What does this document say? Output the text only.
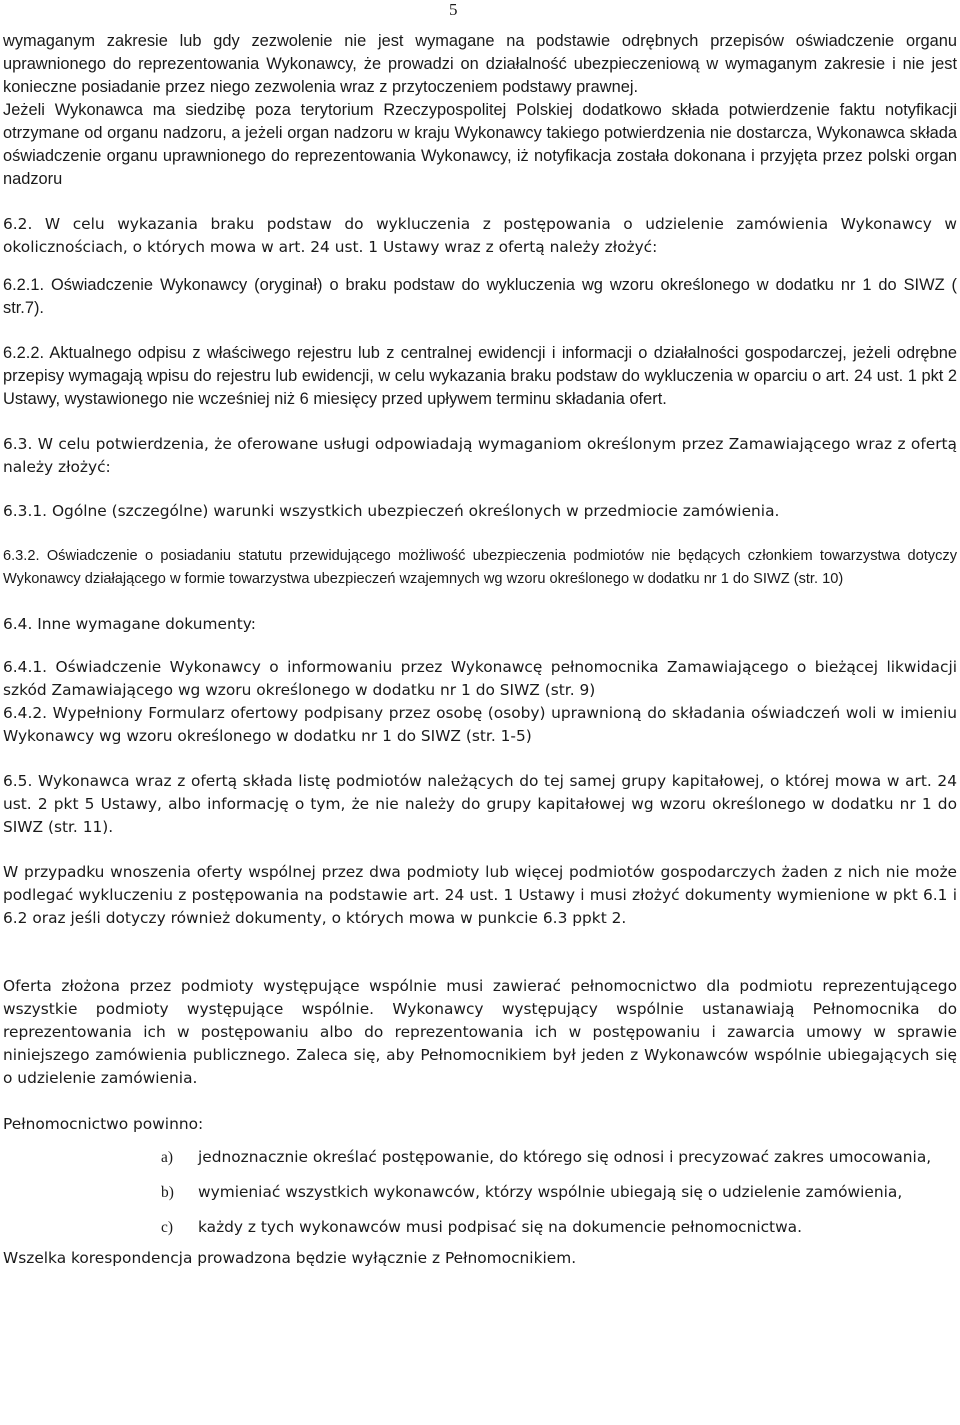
5

wymaganym zakresie lub gdy zezwolenie nie jest wymagane na podstawie odrębnych przepisów oświadczenie organu uprawnionego do reprezentowania Wykonawcy, że prowadzi on działalność ubezpieczeniową w wymaganym zakresie i nie jest konieczne posiadanie przez niego zezwolenia wraz z przytoczeniem podstawy prawnej.

Jeżeli Wykonawca ma siedzibę poza terytorium Rzeczypospolitej Polskiej dodatkowo składa potwierdzenie faktu notyfikacji otrzymane od organu nadzoru, a jeżeli organ nadzoru w kraju Wykonawcy takiego potwierdzenia nie dostarcza, Wykonawca składa oświadczenie organu uprawnionego do reprezentowania Wykonawcy, iż notyfikacja została dokonana i przyjęta przez polski organ nadzoru

6.2. W celu wykazania braku podstaw do wykluczenia z postępowania o udzielenie zamówienia Wykonawcy w okolicznościach, o których mowa w art. 24 ust. 1 Ustawy wraz z ofertą należy złożyć:

6.2.1. Oświadczenie Wykonawcy (oryginał) o braku podstaw do wykluczenia wg wzoru określonego w dodatku nr 1 do SIWZ ( str.7).

6.2.2. Aktualnego odpisu z właściwego rejestru lub z centralnej ewidencji i informacji o działalności gospodarczej, jeżeli odrębne przepisy wymagają wpisu do rejestru lub ewidencji, w celu wykazania braku podstaw do wykluczenia w oparciu o art. 24 ust. 1 pkt 2 Ustawy, wystawionego nie wcześniej niż 6 miesięcy przed upływem terminu składania ofert.

6.3. W celu potwierdzenia, że oferowane usługi odpowiadają wymaganiom określonym przez Zamawiającego wraz z ofertą należy złożyć:

6.3.1. Ogólne (szczególne) warunki wszystkich ubezpieczeń określonych w przedmiocie zamówienia.

6.3.2. Oświadczenie o posiadaniu statutu przewidującego możliwość ubezpieczenia podmiotów nie będących członkiem towarzystwa dotyczy Wykonawcy działającego w formie towarzystwa ubezpieczeń wzajemnych wg wzoru określonego w dodatku nr 1 do SIWZ (str. 10)

6.4. Inne wymagane dokumenty:

6.4.1. Oświadczenie Wykonawcy o informowaniu przez Wykonawcę pełnomocnika Zamawiającego o bieżącej likwidacji szkód Zamawiającego wg wzoru określonego w dodatku nr 1 do SIWZ (str. 9)

6.4.2. Wypełniony Formularz ofertowy podpisany przez osobę (osoby) uprawnioną do składania oświadczeń woli w imieniu Wykonawcy wg wzoru określonego w dodatku nr 1 do SIWZ (str. 1-5)

6.5. Wykonawca wraz z ofertą składa listę podmiotów należących do tej samej grupy kapitałowej, o której mowa w art. 24 ust. 2 pkt 5 Ustawy, albo informację o tym, że nie należy do grupy kapitałowej wg wzoru określonego w dodatku nr 1 do SIWZ (str. 11).

W przypadku wnoszenia oferty wspólnej przez dwa podmioty lub więcej podmiotów gospodarczych żaden z nich nie może podlegać wykluczeniu z postępowania na podstawie art. 24 ust. 1 Ustawy i musi złożyć dokumenty wymienione w pkt 6.1 i 6.2 oraz jeśli dotyczy również dokumenty, o których mowa w punkcie 6.3 ppkt 2.

Oferta złożona przez podmioty występujące wspólnie musi zawierać pełnomocnictwo dla podmiotu reprezentującego wszystkie podmioty występujące wspólnie. Wykonawcy występujący wspólnie ustanawiają Pełnomocnika do reprezentowania ich w postępowaniu albo do reprezentowania ich w postępowaniu i zawarcia umowy w sprawie niniejszego zamówienia publicznego. Zaleca się, aby Pełnomocnikiem był jeden z Wykonawców wspólnie ubiegających się o udzielenie zamówienia.

Pełnomocnictwo powinno:

a) jednoznacznie określać postępowanie, do którego się odnosi i precyzować zakres umocowania,
b) wymieniać wszystkich wykonawców, którzy wspólnie ubiegają się o udzielenie zamówienia,
c) każdy z tych wykonawców musi podpisać się na dokumencie pełnomocnictwa.

Wszelka korespondencja prowadzona będzie wyłącznie z Pełnomocnikiem.
